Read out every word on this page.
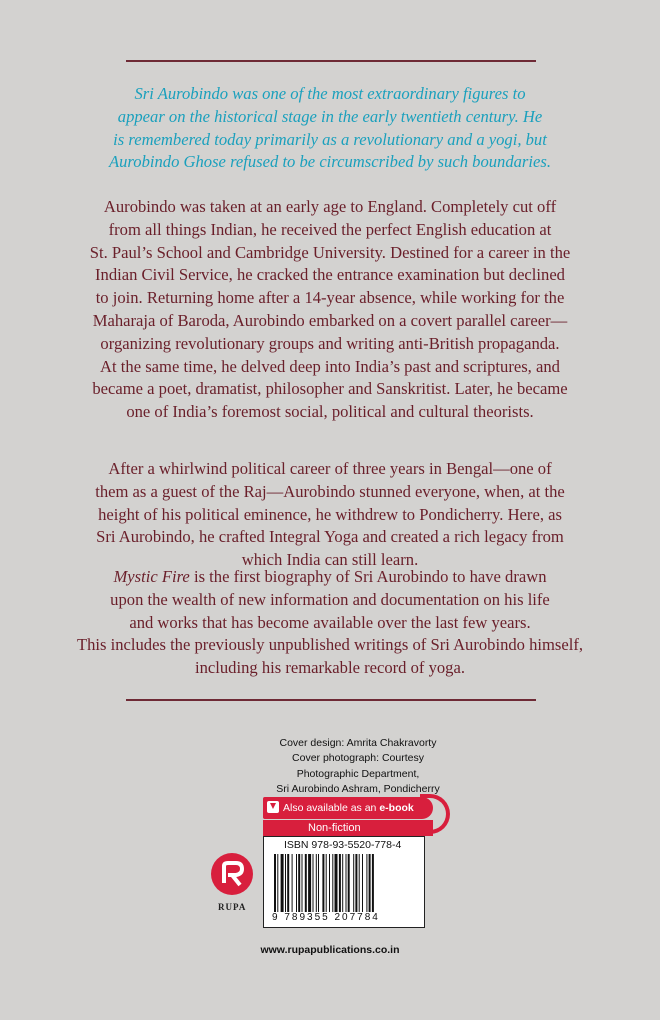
Sri Aurobindo was one of the most extraordinary figures to
appear on the historical stage in the early twentieth century. He
is remembered today primarily as a revolutionary and a yogi, but
Aurobindo Ghose refused to be circumscribed by such boundaries.

Aurobindo was taken at an early age to England. Completely cut off
from all things Indian, he received the perfect English education at
St. Paul’s School and Cambridge University. Destined for a career in the
Indian Civil Service, he cracked the entrance examination but declined
to join. Returning home after a 14-year absence, while working for the
Maharaja of Baroda, Aurobindo embarked on a covert parallel career—
organizing revolutionary groups and writing anti-British propaganda.
At the same time, he delved deep into India’s past and scriptures, and
became a poet, dramatist, philosopher and Sanskritist. Later, he became
one of India’s foremost social, political and cultural theorists.

After a whirlwind political career of three years in Bengal—one of
them as a guest of the Raj—Aurobindo stunned everyone, when, at the
height of his political eminence, he withdrew to Pondicherry. Here, as
Sri Aurobindo, he crafted Integral Yoga and created a rich legacy from
which India can still learn.

Mystic Fire is the first biography of Sri Aurobindo to have drawn
upon the wealth of new information and documentation on his life
and works that has become available over the last few years.
This includes the previously unpublished writings of Sri Aurobindo himself,
including his remarkable record of yoga.

Cover design: Amrita Chakravorty
Cover photograph: Courtesy
Photographic Department,
Sri Aurobindo Ashram, Pondicherry

Also available as an e-book
Non-fiction
ISBN 978-93-5520-778-4
9 789355 207784
RUPA
www.rupapublications.co.in
